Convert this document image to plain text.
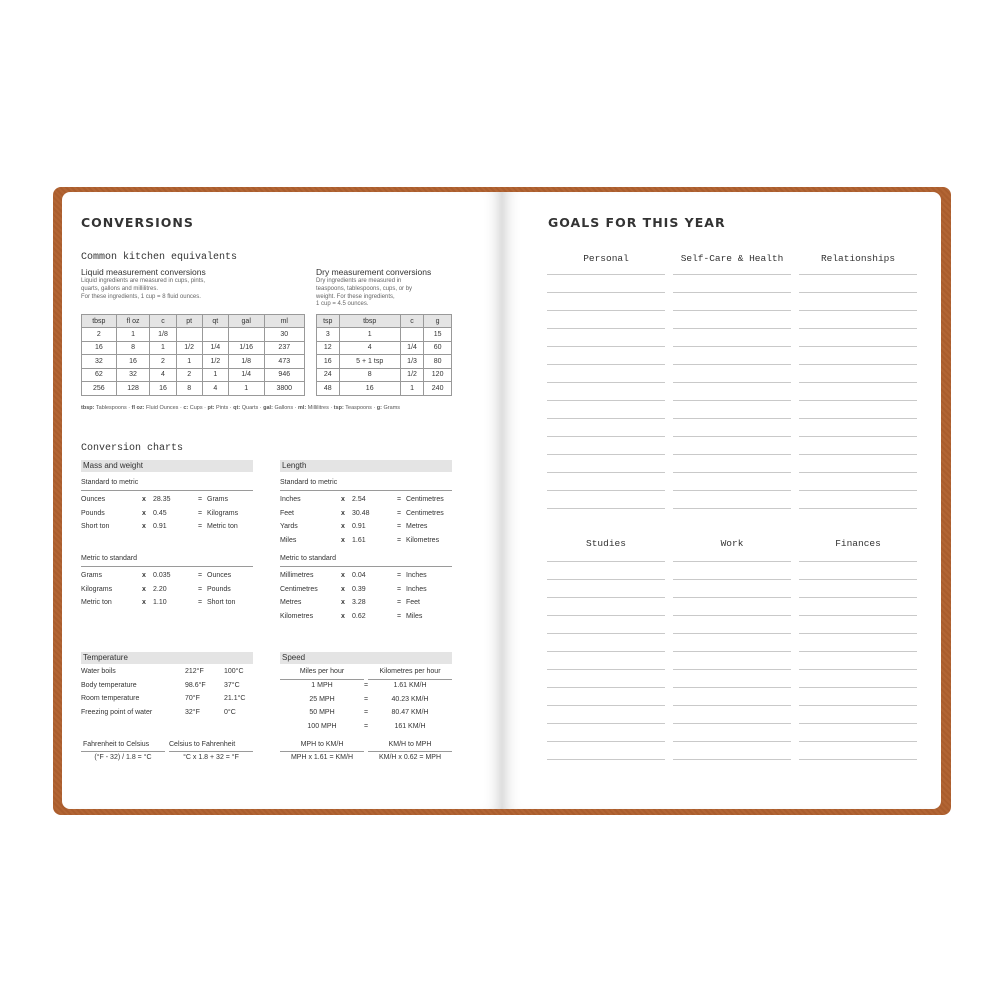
CONVERSIONS
Common kitchen equivalents
Liquid measurement conversions
Liquid ingredients are measured in cups, pints,
quarts, gallons and millilitres.
For these ingredients, 1 cup = 8 fluid ounces.
Dry measurement conversions
Dry ingredients are measured in
teaspoons, tablespoons, cups, or by
weight. For these ingredients,
1 cup = 4.5 ounces.
tbsp	fl oz	c	pt	qt	gal	ml
2	1	1/8				30
16	8	1	1/2	1/4	1/16	237
32	16	2	1	1/2	1/8	473
62	32	4	2	1	1/4	946
256	128	16	8	4	1	3800
tsp	tbsp	c	g
3	1		15
12	4	1/4	60
16	5 + 1 tsp	1/3	80
24	8	1/2	120
48	16	1	240
tbsp: Tablespoons · fl oz: Fluid Ounces · c: Cups · pt: Pints · qt: Quarts · gal: Gallons · ml: Millilitres · tsp: Teaspoons · g: Grams
Conversion charts
Mass and weight
Standard to metric
Ounces	x 28.35	= Grams
Pounds	x 0.45	= Kilograms
Short ton	x 0.91	= Metric ton
Metric to standard
Grams	x 0.035	= Ounces
Kilograms	x 2.20	= Pounds
Metric ton	x 1.10	= Short ton
Length
Standard to metric
Inches	x 2.54	= Centimetres
Feet	x 30.48	= Centimetres
Yards	x 0.91	= Metres
Miles	x 1.61	= Kilometres
Metric to standard
Millimetres	x 0.04	= Inches
Centimetres	x 0.39	= Inches
Metres	x 3.28	= Feet
Kilometres	x 0.62	= Miles
Temperature
Water boils	212°F	100°C
Body temperature	98.6°F	37°C
Room temperature	70°F	21.1°C
Freezing point of water	32°F	0°C
Fahrenheit to Celsius	Celsius to Fahrenheit
(°F - 32) / 1.8 = °C	°C x 1.8 + 32 = °F
Speed
Miles per hour	Kilometres per hour
1 MPH	=	1.61 KM/H
25 MPH	=	40.23 KM/H
50 MPH	=	80.47 KM/H
100 MPH	=	161 KM/H
MPH to KM/H	KM/H to MPH
MPH x 1.61 = KM/H	KM/H x 0.62 = MPH
GOALS FOR THIS YEAR
Personal	Self-Care & Health	Relationships
Studies	Work	Finances
